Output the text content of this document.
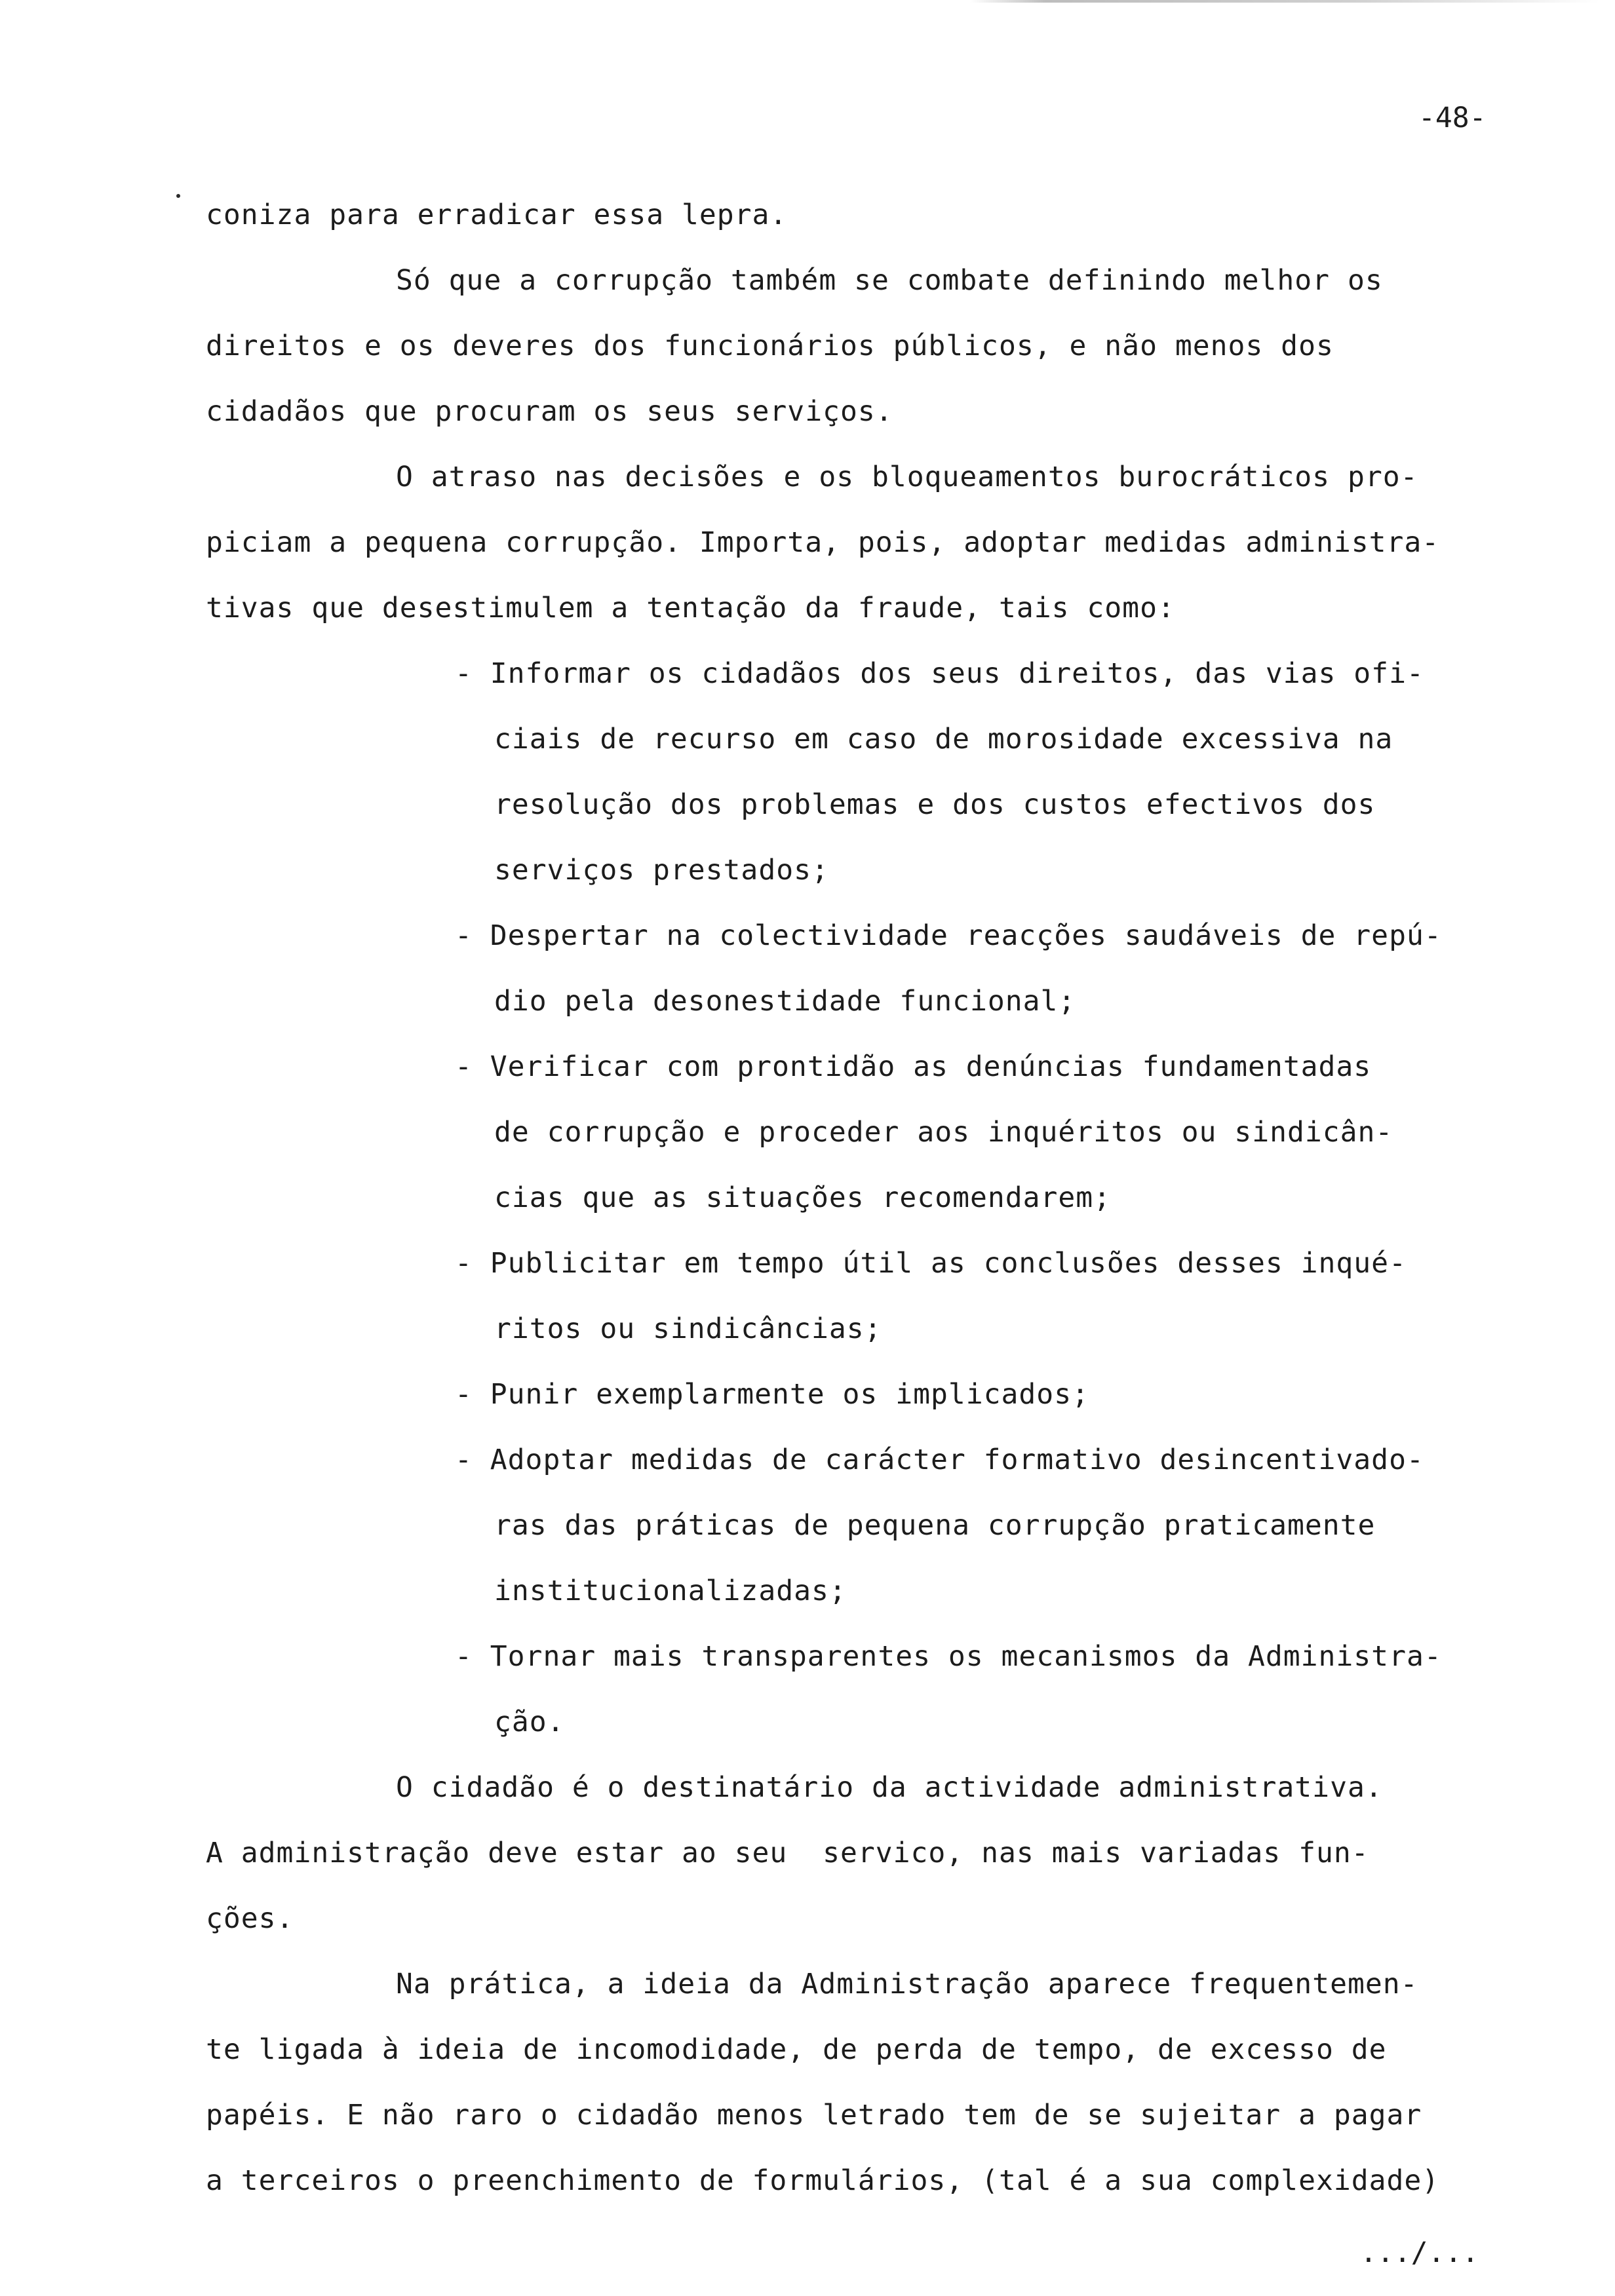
-48-
coniza para erradicar essa lepra.
Só que a corrupção também se combate definindo melhor os
direitos e os deveres dos funcionários públicos, e não menos dos
cidadãos que procuram os seus serviços.
O atraso nas decisões e os bloqueamentos burocráticos pro-
piciam a pequena corrupção. Importa, pois, adoptar medidas administra-
tivas que desestimulem a tentação da fraude, tais como:
- Informar os cidadãos dos seus direitos, das vias ofi-
ciais de recurso em caso de morosidade excessiva na
resolução dos problemas e dos custos efectivos dos
serviços prestados;
- Despertar na colectividade reacções saudáveis de repú-
dio pela desonestidade funcional;
- Verificar com prontidão as denúncias fundamentadas
de corrupção e proceder aos inquéritos ou sindicân-
cias que as situações recomendarem;
- Publicitar em tempo útil as conclusões desses inqué-
ritos ou sindicâncias;
- Punir exemplarmente os implicados;
- Adoptar medidas de carácter formativo desincentivado-
ras das práticas de pequena corrupção praticamente
institucionalizadas;
- Tornar mais transparentes os mecanismos da Administra-
ção.
O cidadão é o destinatário da actividade administrativa.
A administração deve estar ao seu  servico, nas mais variadas fun-
ções.
Na prática, a ideia da Administração aparece frequentemen-
te ligada à ideia de incomodidade, de perda de tempo, de excesso de
papéis. E não raro o cidadão menos letrado tem de se sujeitar a pagar
a terceiros o preenchimento de formulários, (tal é a sua complexidade)
.../...
